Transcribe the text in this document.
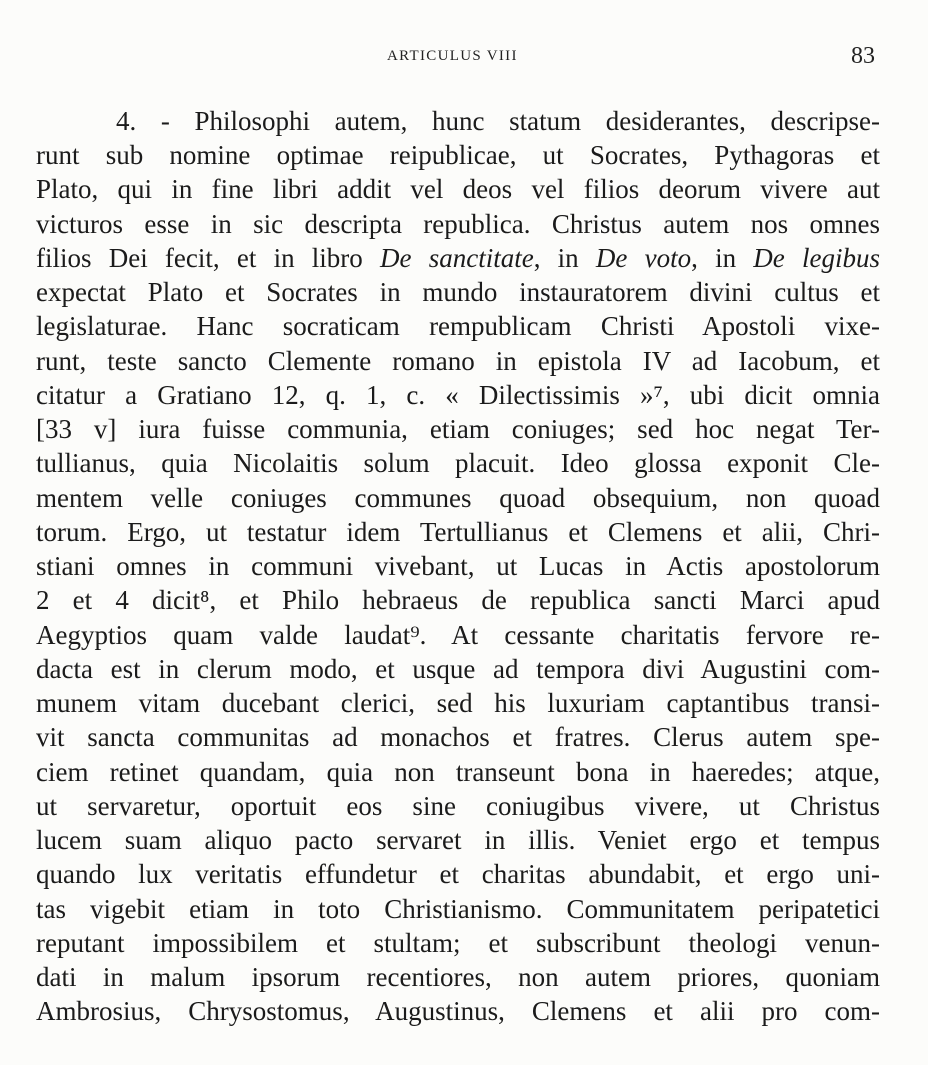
ARTICULUS VIII	83
4. - Philosophi autem, hunc statum desiderantes, descripse-
runt sub nomine optimae reipublicae, ut Socrates, Pythagoras et
Plato, qui in fine libri addit vel deos vel filios deorum vivere aut
victuros esse in sic descripta republica. Christus autem nos omnes
filios Dei fecit, et in libro De sanctitate, in De voto, in De legibus
expectat Plato et Socrates in mundo instauratorem divini cultus et
legislaturae. Hanc socraticam rempublicam Christi Apostoli vixe-
runt, teste sancto Clemente romano in epistola IV ad Iacobum, et
citatur a Gratiano 12, q. 1, c. « Dilectissimis »⁷, ubi dicit omnia
[33 v] iura fuisse communia, etiam coniuges; sed hoc negat Ter-
tullianus, quia Nicolaitis solum placuit. Ideo glossa exponit Cle-
mentem velle coniuges communes quoad obsequium, non quoad
torum. Ergo, ut testatur idem Tertullianus et Clemens et alii, Chri-
stiani omnes in communi vivebant, ut Lucas in Actis apostolorum
2 et 4 dicit⁸, et Philo hebraeus de republica sancti Marci apud
Aegyptios quam valde laudat⁹. At cessante charitatis fervore re-
dacta est in clerum modo, et usque ad tempora divi Augustini com-
munem vitam ducebant clerici, sed his luxuriam captantibus transi-
vit sancta communitas ad monachos et fratres. Clerus autem spe-
ciem retinet quandam, quia non transeunt bona in haeredes; atque,
ut servaretur, oportuit eos sine coniugibus vivere, ut Christus
lucem suam aliquo pacto servaret in illis. Veniet ergo et tempus
quando lux veritatis effundetur et charitas abundabit, et ergo uni-
tas vigebit etiam in toto Christianismo. Communitatem peripatetici
reputant impossibilem et stultam; et subscribunt theologi venun-
dati in malum ipsorum recentiores, non autem priores, quoniam
Ambrosius, Chrysostomus, Augustinus, Clemens et alii pro com-
